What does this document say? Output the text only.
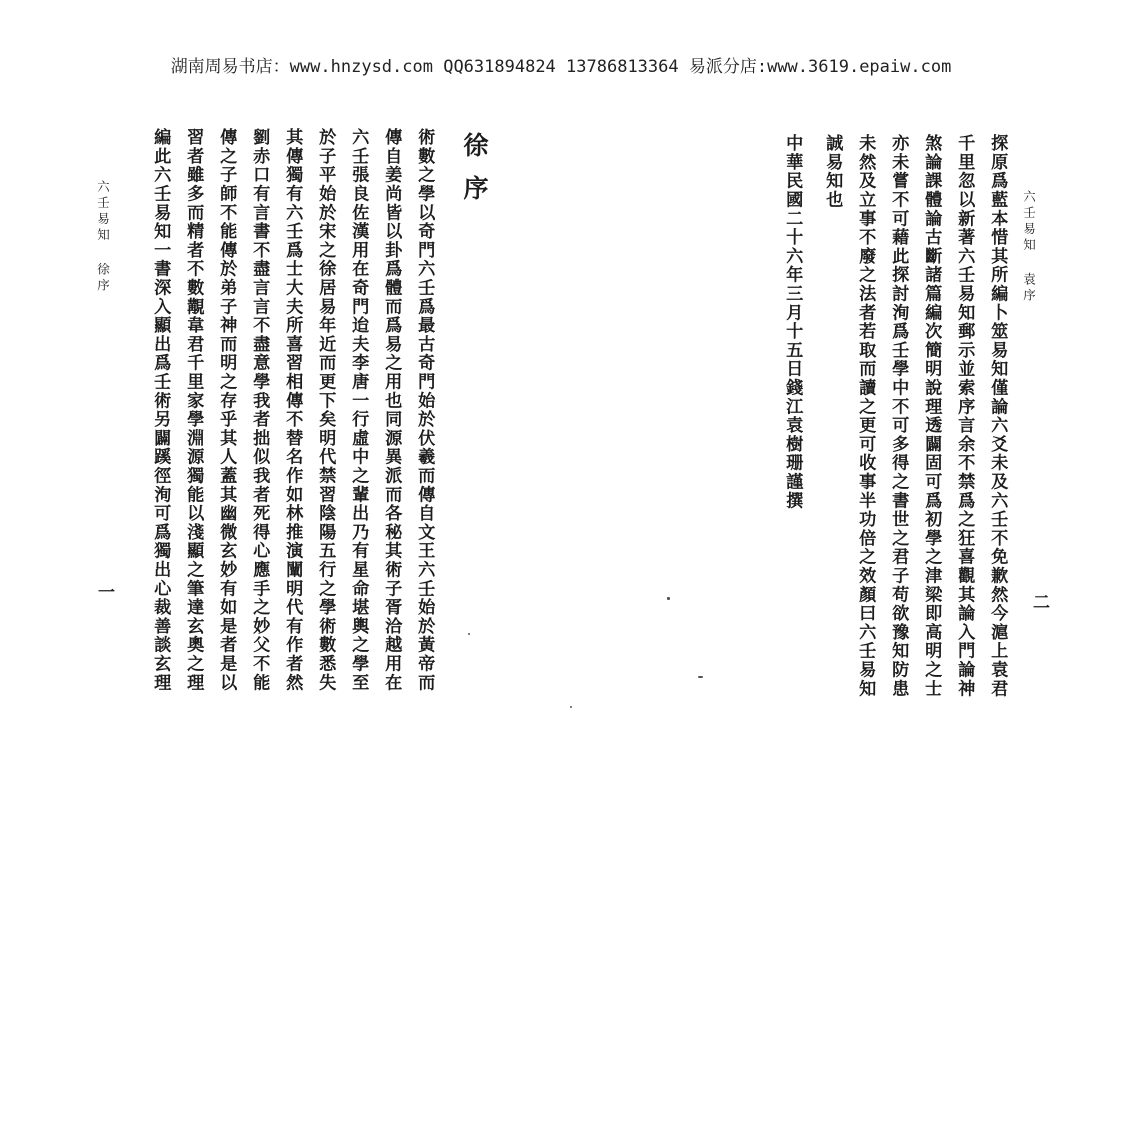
湖南周易书店：www.hnzysd.com QQ631894824 13786813364 易派分店:www.3619.epaiw.com
六壬易知 袁序
二
探原爲藍本惜其所編卜筮易知僅論六爻未及六壬不免歉然今滬上袁君
千里忽以新著六壬易知郵示並索序言余不禁爲之狂喜觀其論入門論神
煞論課體論古斷諸篇編次簡明說理透闢固可爲初學之津梁即高明之士
亦未嘗不可藉此探討洵爲壬學中不可多得之書世之君子苟欲豫知防患
未然及立事不廢之法者若取而讀之更可收事半功倍之效顏曰六壬易知
誠易知也
中華民國二十六年三月十五日錢江袁樹珊謹撰
徐序
術數之學以奇門六壬爲最古奇門始於伏羲而傳自文王六壬始於黃帝而
傳自姜尚皆以卦爲體而爲易之用也同源異派而各秘其術子胥洽越用在
六壬張良佐漢用在奇門迨夫李唐一行虛中之輩出乃有星命堪輿之學至
於子平始於宋之徐居易年近而更下矣明代禁習陰陽五行之學術數悉失
其傳獨有六壬爲士大夫所喜習相傳不替名作如林推演闡明代有作者然
劉赤口有言書不盡言言不盡意學我者拙似我者死得心應手之妙父不能
傳之子師不能傳於弟子神而明之存乎其人蓋其幽微玄妙有如是者是以
習者雖多而精者不數覯韋君千里家學淵源獨能以淺顯之筆達玄奧之理
編此六壬易知一書深入顯出爲壬術另闢蹊徑洵可爲獨出心裁善談玄理
六壬易知 徐序
一
